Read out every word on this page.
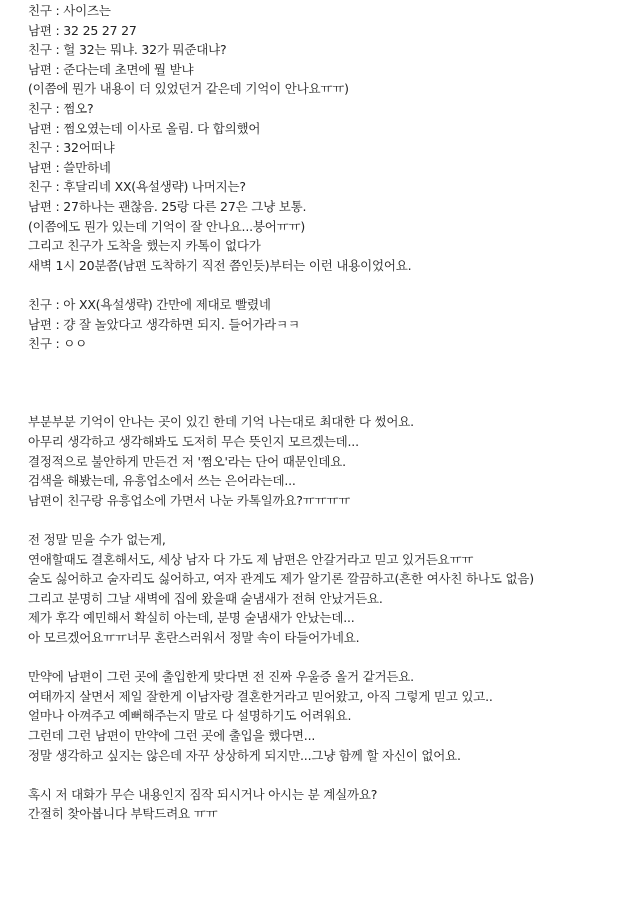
친구 : 사이즈는
남편 : 32 25 27 27
친구 : 헐 32는 뭐냐. 32가 뭐준대냐?
남편 : 준다는데 초면에 뭘 받냐
(이쯤에 뭔가 내용이 더 있었던거 같은데 기억이 안나요ㅠㅠ)
친구 : 쩜오?
남편 : 쩜오였는데 이사로 올림. 다 합의했어
친구 : 32어떠냐
남편 : 쓸만하네
친구 : 후달리네 XX(욕설생략) 나머지는?
남편 : 27하나는 괜찮음. 25랑 다른 27은 그냥 보통.
(이쯤에도 뭔가 있는데 기억이 잘 안나요...붕어ㅠㅠ)
그리고 친구가 도착을 했는지 카톡이 없다가
새벽 1시 20분쯤(남편 도착하기 직전 쯤인듯)부터는 이런 내용이었어요.
친구 : 아 XX(욕설생략) 간만에 제대로 빨렸네
남편 : 걍 잘 놀았다고 생각하면 되지. 들어가라ㅋㅋ
친구 : ㅇㅇ
부분부분 기억이 안나는 곳이 있긴 한데 기억 나는대로 최대한 다 썼어요.
아무리 생각하고 생각해봐도 도저히 무슨 뜻인지 모르겠는데...
결정적으로 불안하게 만든건 저 '쩜오'라는 단어 때문인데요.
검색을 해봤는데, 유흥업소에서 쓰는 은어라는데...
남편이 친구랑 유흥업소에 가면서 나눈 카톡일까요?ㅠㅠㅠㅠ
전 정말 믿을 수가 없는게,
연애할때도 결혼해서도, 세상 남자 다 가도 제 남편은 안갈거라고 믿고 있거든요ㅠㅠ
술도 싫어하고 술자리도 싫어하고, 여자 관계도 제가 알기론 깔끔하고(흔한 여사친 하나도 없음)
그리고 분명히 그날 새벽에 집에 왔을때 술냄새가 전혀 안났거든요.
제가 후각 예민해서 확실히 아는데, 분명 술냄새가 안났는데...
아 모르겠어요ㅠㅠ너무 혼란스러워서 정말 속이 타들어가네요.
만약에 남편이 그런 곳에 출입한게 맞다면 전 진짜 우울증 올거 같거든요.
여태까지 살면서 제일 잘한게 이남자랑 결혼한거라고 믿어왔고, 아직 그렇게 믿고 있고..
얼마나 아껴주고 예뻐해주는지 말로 다 설명하기도 어려워요.
그런데 그런 남편이 만약에 그런 곳에 출입을 했다면...
정말 생각하고 싶지는 않은데 자꾸 상상하게 되지만...그냥 함께 할 자신이 없어요.
혹시 저 대화가 무슨 내용인지 짐작 되시거나 아시는 분 계실까요?
간절히 찾아봅니다 부탁드려요 ㅠㅠ
